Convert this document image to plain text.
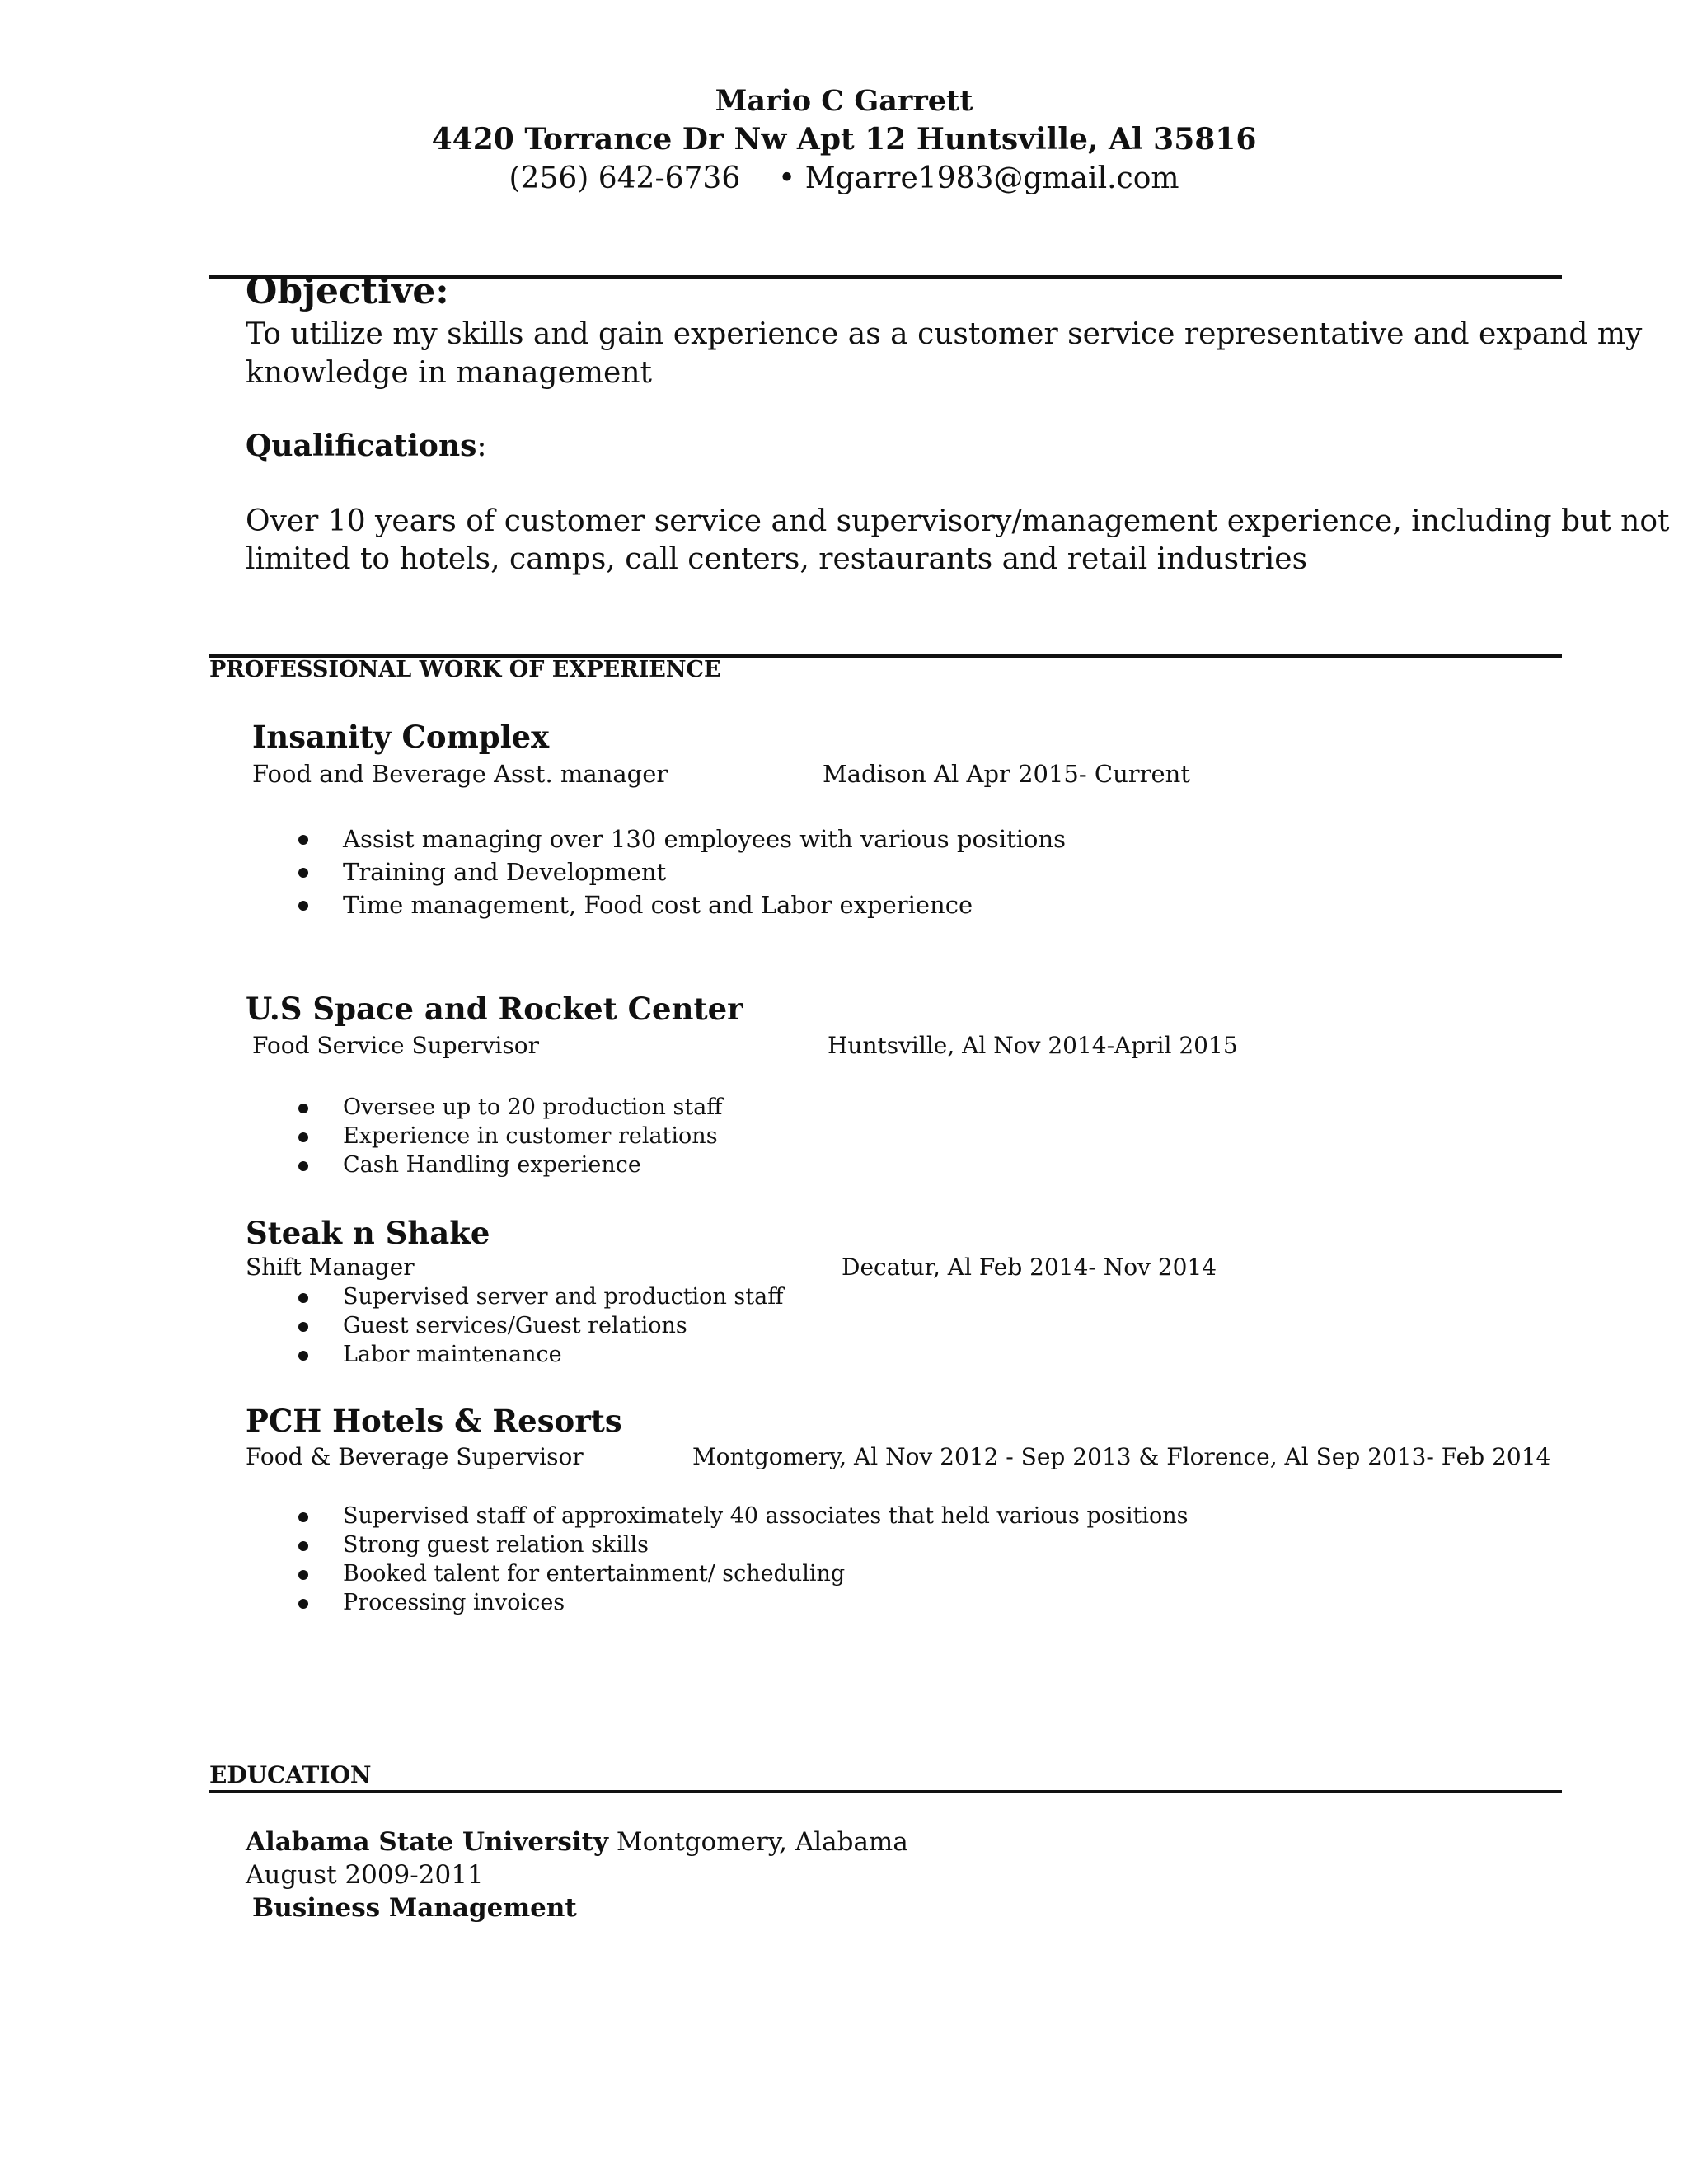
Mario C Garrett
4420 Torrance Dr Nw Apt 12 Huntsville, Al 35816
(256) 642-6736 • Mgarre1983@gmail.com
Objective:
To utilize my skills and gain experience as a customer service representative and expand my
knowledge in management
Qualifications:
Over 10 years of customer service and supervisory/management experience, including but not
limited to hotels, camps, call centers, restaurants and retail industries
PROFESSIONAL WORK OF EXPERIENCE
Insanity Complex
Food and Beverage Asst. manager	Madison Al Apr 2015- Current
Assist managing over 130 employees with various positions
Training and Development
Time management, Food cost and Labor experience
U.S Space and Rocket Center
Food Service Supervisor	Huntsville, Al Nov 2014-April 2015
Oversee up to 20 production staff
Experience in customer relations
Cash Handling experience
Steak n Shake
Shift Manager	Decatur, Al Feb 2014- Nov 2014
Supervised server and production staff
Guest services/Guest relations
Labor maintenance
PCH Hotels & Resorts
Food & Beverage Supervisor	Montgomery, Al Nov 2012 - Sep 2013 & Florence, Al Sep 2013- Feb 2014
Supervised staff of approximately 40 associates that held various positions
Strong guest relation skills
Booked talent for entertainment/ scheduling
Processing invoices
EDUCATION
Alabama State University Montgomery, Alabama
August 2009-2011
Business Management
